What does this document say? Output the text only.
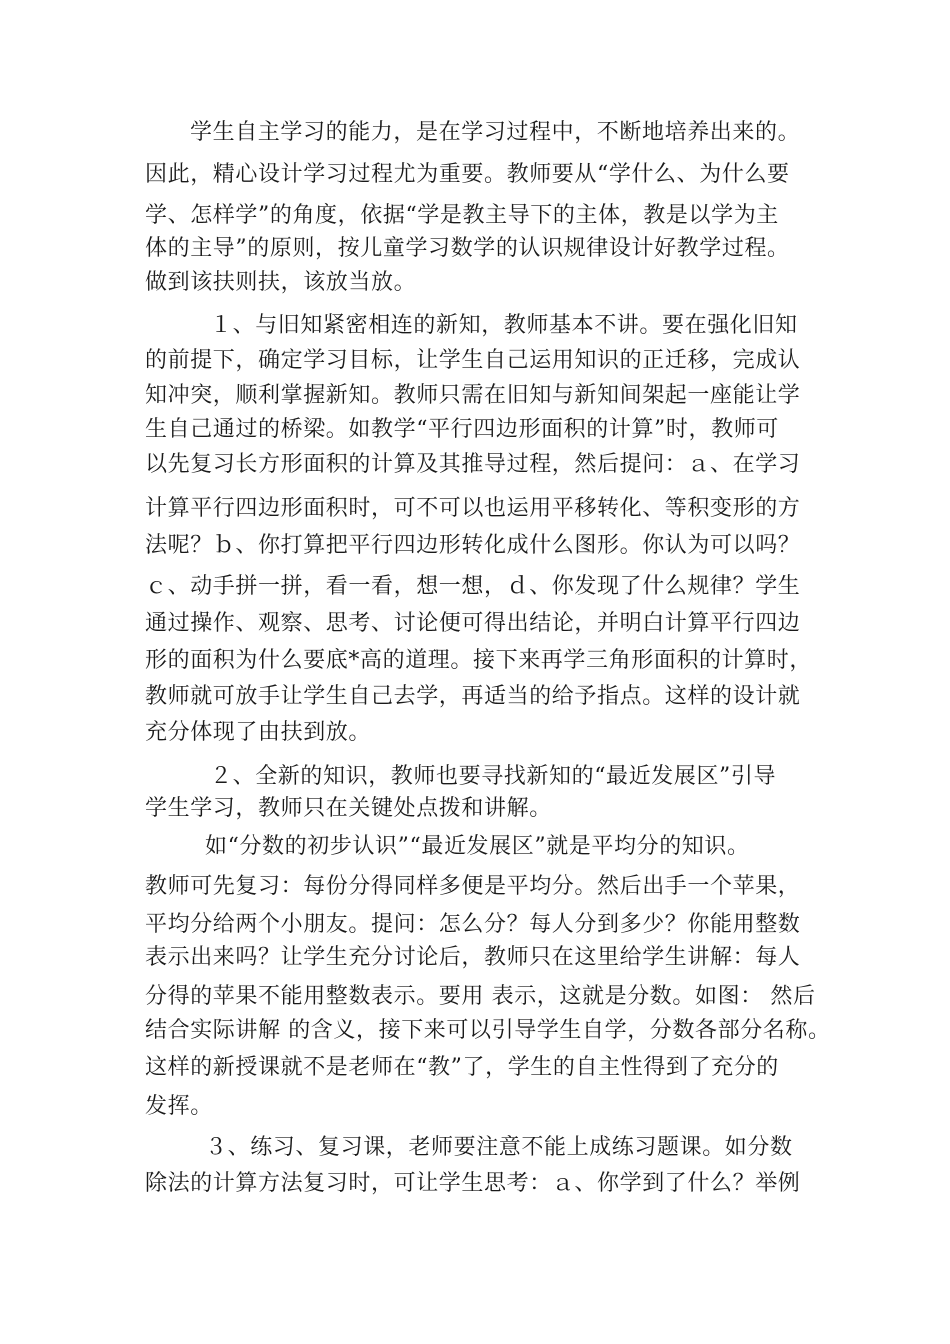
学生自主学习的能力，是在学习过程中，不断地培养出来的。
因此，精心设计学习过程尤为重要。教师要从“学什么、为什么要
学、怎样学”的角度，依据“学是教主导下的主体，教是以学为主
体的主导”的原则，按儿童学习数学的认识规律设计好教学过程。
做到该扶则扶，该放当放。
１、与旧知紧密相连的新知，教师基本不讲。要在强化旧知
的前提下，确定学习目标，让学生自己运用知识的正迁移，完成认
知冲突，顺利掌握新知。教师只需在旧知与新知间架起一座能让学
生自己通过的桥梁。如教学“平行四边形面积的计算”时，教师可
以先复习长方形面积的计算及其推导过程，然后提问：ａ、在学习
计算平行四边形面积时，可不可以也运用平移转化、等积变形的方
法呢？ｂ、你打算把平行四边形转化成什么图形。你认为可以吗？
ｃ、动手拼一拼，看一看，想一想，ｄ、你发现了什么规律？学生
通过操作、观察、思考、讨论便可得出结论，并明白计算平行四边
形的面积为什么要底*高的道理。接下来再学三角形面积的计算时，
教师就可放手让学生自己去学，再适当的给予指点。这样的设计就
充分体现了由扶到放。
２、全新的知识，教师也要寻找新知的“最近发展区”引导
学生学习，教师只在关键处点拨和讲解。
如“分数的初步认识”“最近发展区”就是平均分的知识。
教师可先复习：每份分得同样多便是平均分。然后出手一个苹果，
平均分给两个小朋友。提问：怎么分？每人分到多少？你能用整数
表示出来吗？让学生充分讨论后，教师只在这里给学生讲解：每人
分得的苹果不能用整数表示。要用 表示，这就是分数。如图： 然后
结合实际讲解 的含义，接下来可以引导学生自学，分数各部分名称。
这样的新授课就不是老师在“教”了，学生的自主性得到了充分的
发挥。
３、练习、复习课，老师要注意不能上成练习题课。如分数
除法的计算方法复习时，可让学生思考：ａ、你学到了什么？举例
